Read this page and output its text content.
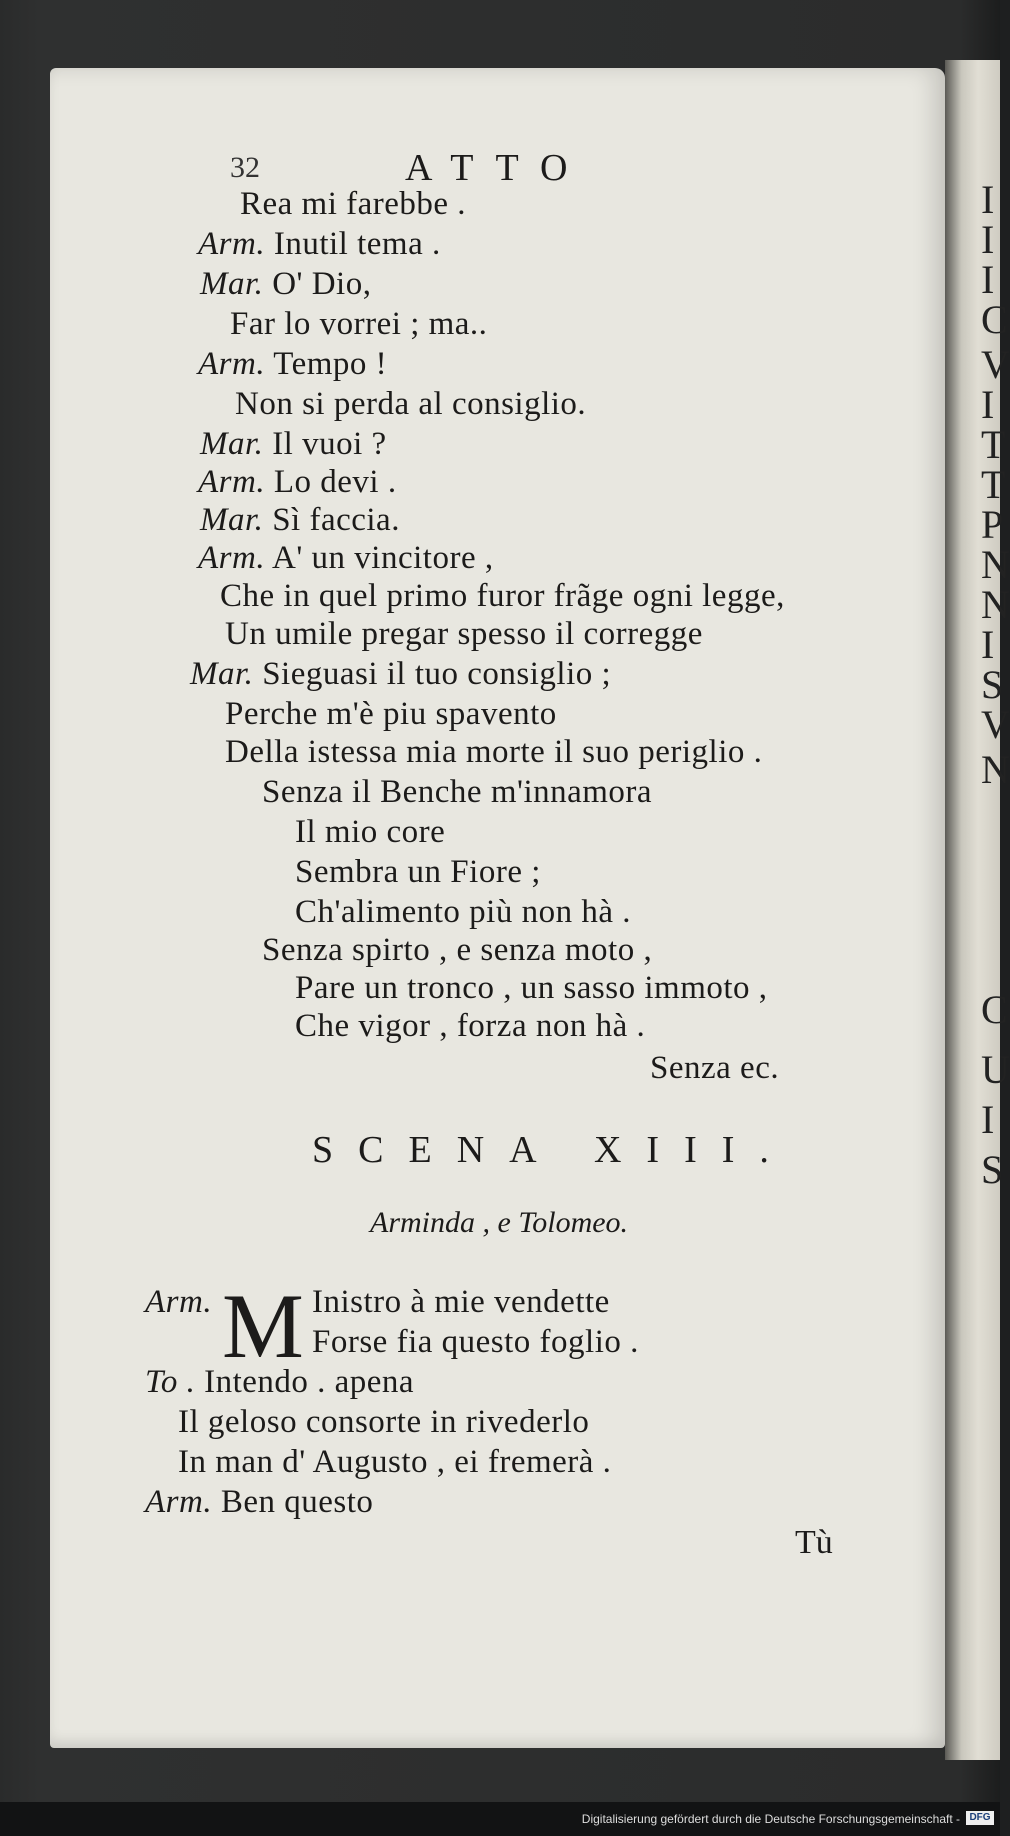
I
I
I
C
V
I
T
T
P
N
N
I
S
V
N
C
U
I
S
32	ATTO
Rea mi farebbe .
Arm. Inutil tema .
Mar. O' Dio,
Far lo vorrei ; ma..
Arm. Tempo !
Non si perda al consiglio.
Mar. Il vuoi ?
Arm. Lo devi .
Mar. Sì faccia.
Arm. A' un vincitore ,
Che in quel primo furor frãge ogni legge,
Un umile pregar spesso il corregge
Mar. Sieguasi il tuo consiglio ;
Perche m'è piu spavento
Della istessa mia morte il suo periglio .
Senza il Benche m'innamora
Il mio core
Sembra un Fiore ;
Ch'alimento più non hà .
Senza spirto , e senza moto ,
Pare un tronco , un sasso immoto ,
Che vigor , forza non hà .
Senza ec.
SCENA XIII.
Arminda , e Tolomeo.
Arm. M Inistro à mie vendette
Forse fia questo foglio .
To . Intendo . apena
Il geloso consorte in rivederlo
In man d' Augusto , ei fremerà .
Arm. Ben questo
Tù
Digitalisierung gefördert durch die Deutsche Forschungsgemeinschaft - DFG
